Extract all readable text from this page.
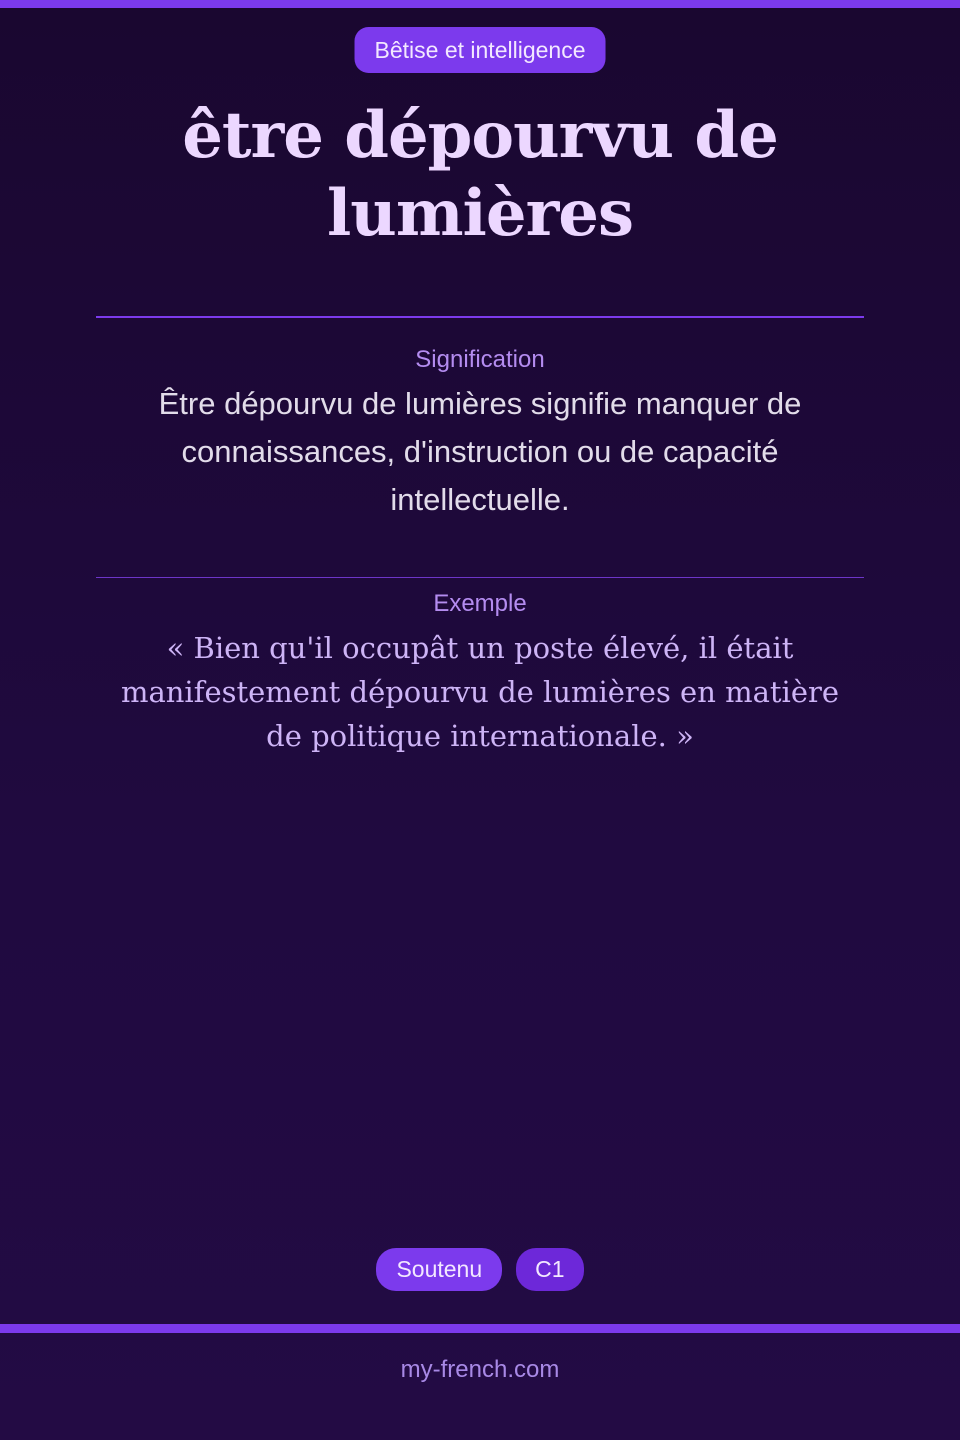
Bêtise et intelligence
être dépourvu de lumières
Signification
Être dépourvu de lumières signifie manquer de connaissances, d'instruction ou de capacité intellectuelle.
Exemple
« Bien qu'il occupât un poste élevé, il était manifestement dépourvu de lumières en matière de politique internationale. »
Soutenu	C1
my-french.com
